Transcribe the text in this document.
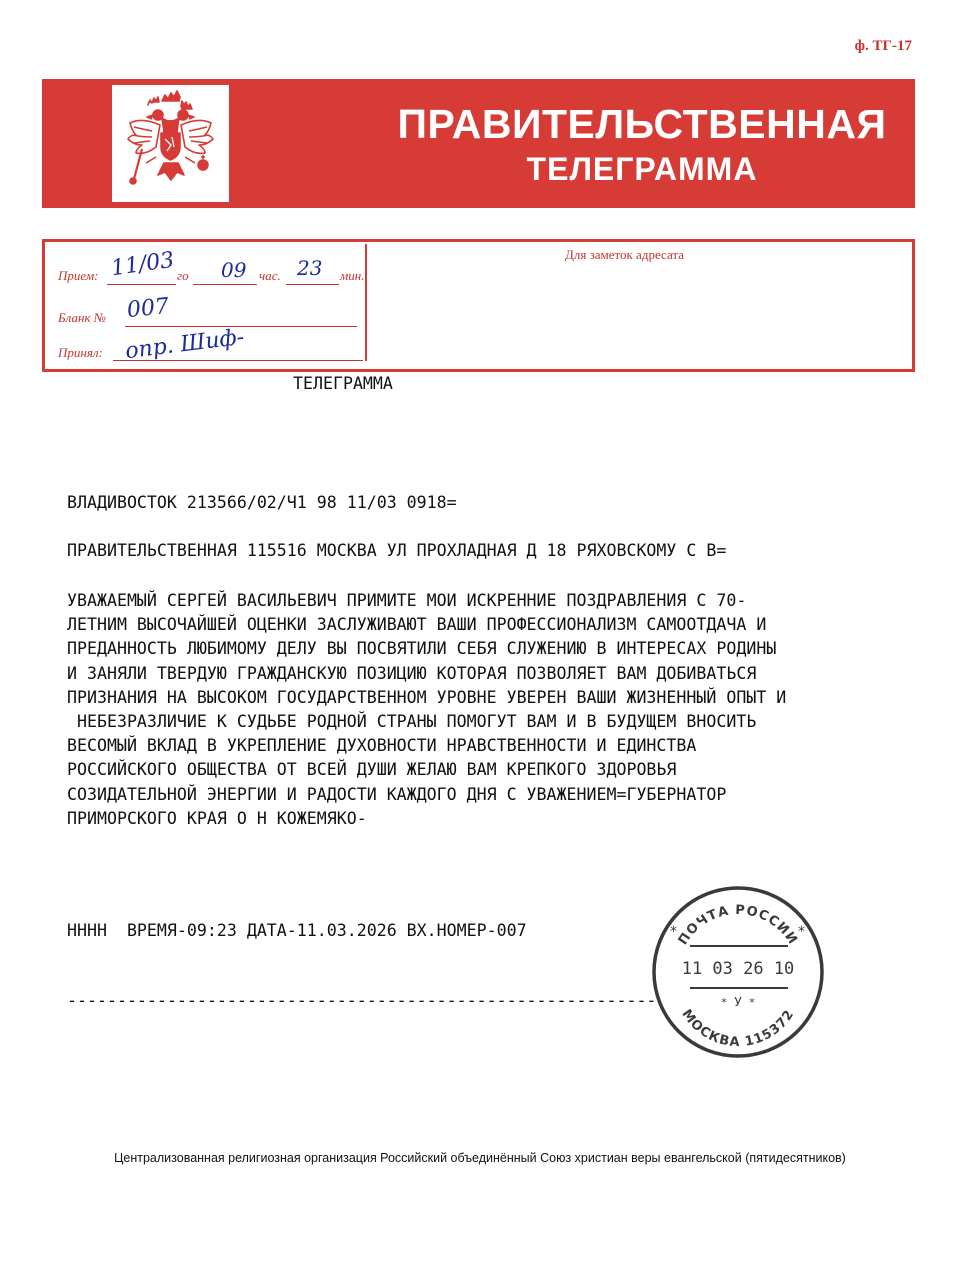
ф. ТГ-17
ПРАВИТЕЛЬСТВЕННАЯ
ТЕЛЕГРАММА
Прием: 11/03 го 09 час. 23 мин.
Бланк № 007
Принял: опр. Шиф-
Для заметок адресата
ТЕЛЕГРАММА
ВЛАДИВОСТОК 213566/02/Ч1 98 11/03 0918=
ПРАВИТЕЛЬСТВЕННАЯ 115516 МОСКВА УЛ ПРОХЛАДНАЯ Д 18 РЯХОВСКОМУ С В=
УВАЖАЕМЫЙ СЕРГЕЙ ВАСИЛЬЕВИЧ ПРИМИТЕ МОИ ИСКРЕННИЕ ПОЗДРАВЛЕНИЯ С 70-
ЛЕТНИМ ВЫСОЧАЙШЕЙ ОЦЕНКИ ЗАСЛУЖИВАЮТ ВАШИ ПРОФЕССИОНАЛИЗМ САМООТДАЧА И
ПРЕДАННОСТЬ ЛЮБИМОМУ ДЕЛУ ВЫ ПОСВЯТИЛИ СЕБЯ СЛУЖЕНИЮ В ИНТЕРЕСАХ РОДИНЫ
И ЗАНЯЛИ ТВЕРДУЮ ГРАЖДАНСКУЮ ПОЗИЦИЮ КОТОРАЯ ПОЗВОЛЯЕТ ВАМ ДОБИВАТЬСЯ
ПРИЗНАНИЯ НА ВЫСОКОМ ГОСУДАРСТВЕННОМ УРОВНЕ УВЕРЕН ВАШИ ЖИЗНЕННЫЙ ОПЫТ И
НЕБЕЗРАЗЛИЧИЕ К СУДЬБЕ РОДНОЙ СТРАНЫ ПОМОГУТ ВАМ И В БУДУЩЕМ ВНОСИТЬ
ВЕСОМЫЙ ВКЛАД В УКРЕПЛЕНИЕ ДУХОВНОСТИ НРАВСТВЕННОСТИ И ЕДИНСТВА
РОССИЙСКОГО ОБЩЕСТВА ОТ ВСЕЙ ДУШИ ЖЕЛАЮ ВАМ КРЕПКОГО ЗДОРОВЬЯ
СОЗИДАТЕЛЬНОЙ ЭНЕРГИИ И РАДОСТИ КАЖДОГО ДНЯ С УВАЖЕНИЕМ=ГУБЕРНАТОР
ПРИМОРСКОГО КРАЯ О Н КОЖЕМЯКО-
НННН  ВРЕМЯ-09:23 ДАТА-11.03.2026 ВХ.НОМЕР-007
-----------------------------------------------------------
ПОЧТА РОССИИ
*	*
11 03 26 10
У
* *
МОСКВА 115372
Централизованная религиозная организация Российский объединённый Союз христиан веры евангельской (пятидесятников)
